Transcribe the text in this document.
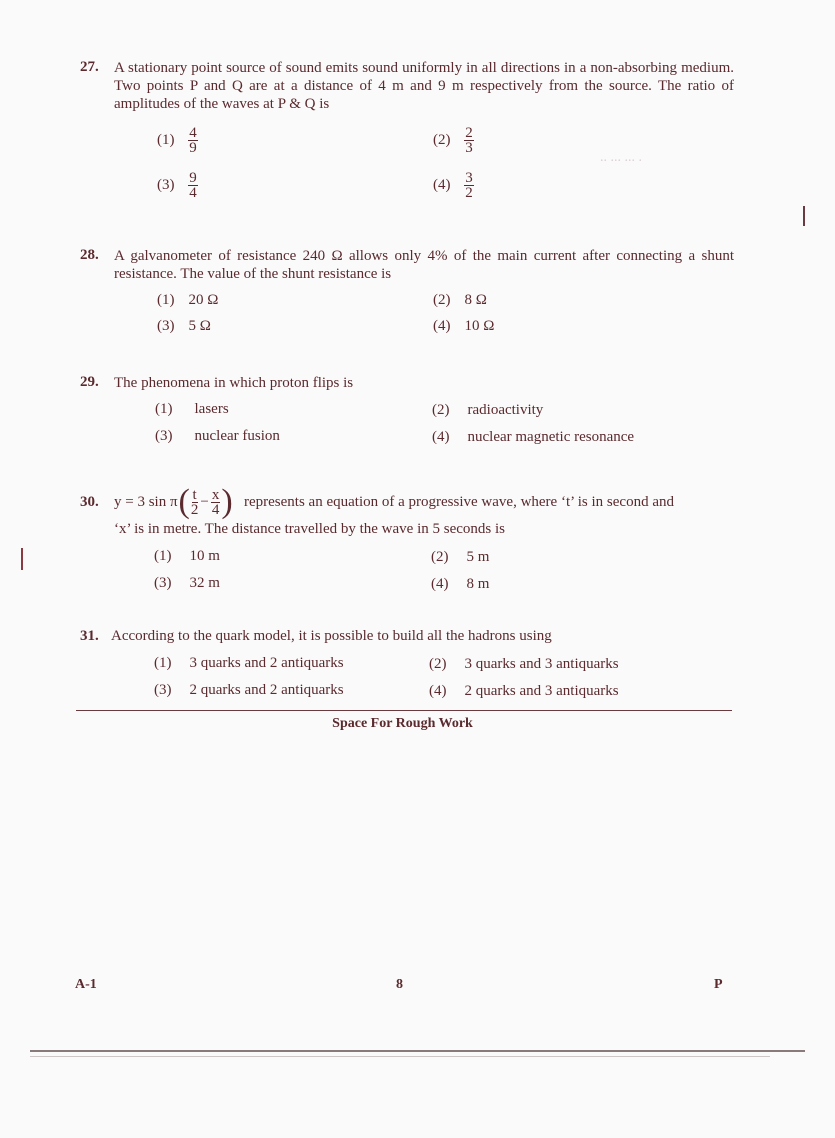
.. ... ... .
27. A stationary point source of sound emits sound uniformly in all directions in a non-absorbing medium. Two points P and Q are at a distance of 4 m and 9 m respectively from the source. The ratio of amplitudes of the waves at P & Q is
$(1) \frac{4}{9}$	$(2) \frac{2}{3}$
$(3) \frac{9}{4}$	$(4) \frac{3}{2}$
28. A galvanometer of resistance 240 Ω allows only 4% of the main current after connecting a shunt resistance. The value of the shunt resistance is
(1) 20 Ω	(2) 8 Ω
(3) 5 Ω	(4) 10 Ω
29. The phenomena in which proton flips is
(1) lasers	(2) radioactivity
(3) nuclear fusion	(4) nuclear magnetic resonance
30. y = 3 sin π ( $\frac{t}{2} - \frac{x}{4}$ ) represents an equation of a progressive wave, where ‘t’ is in second and
‘x’ is in metre. The distance travelled by the wave in 5 seconds is
(1) 10 m	(2) 5 m
(3) 32 m	(4) 8 m
31. According to the quark model, it is possible to build all the hadrons using
(1) 3 quarks and 2 antiquarks	(2) 3 quarks and 3 antiquarks
(3) 2 quarks and 2 antiquarks	(4) 2 quarks and 3 antiquarks
Space For Rough Work
A-1	8	P
